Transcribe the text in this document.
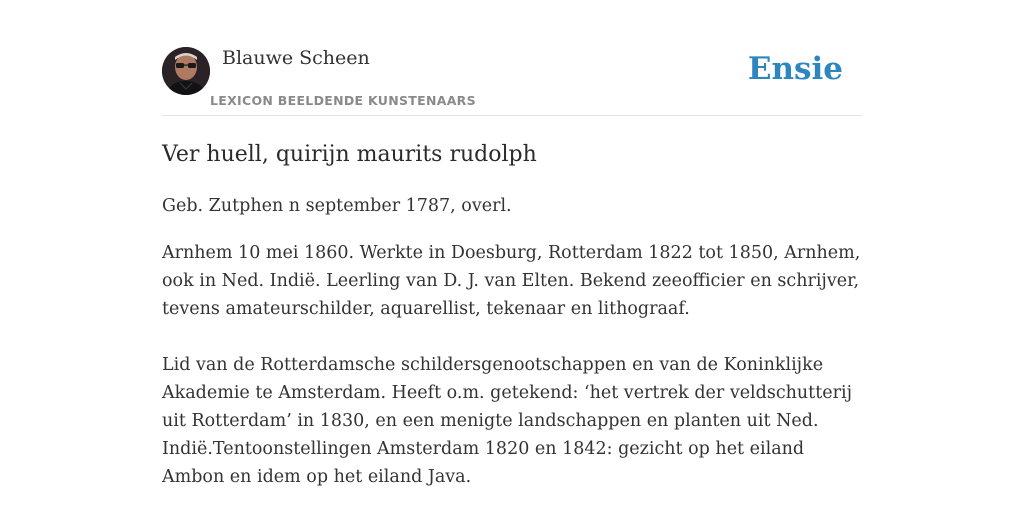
Blauwe Scheen
LEXICON BEELDENDE KUNSTENAARS
Ensie
Ver huell, quirijn maurits rudolph

Geb. Zutphen n september 1787, overl.

Arnhem 10 mei 1860. Werkte in Doesburg, Rotterdam 1822 tot 1850, Arnhem, ook in Ned. Indië. Leerling van D. J. van Elten. Bekend zeeofficier en schrijver, tevens amateurschilder, aquarellist, tekenaar en lithograaf.

Lid van de Rotterdamsche schildersgenootschappen en van de Koninklijke Akademie te Amsterdam. Heeft o.m. getekend: ‘het vertrek der veldschutterij uit Rotterdam’ in 1830, en een menigte landschappen en planten uit Ned. Indië.Tentoonstellingen Amsterdam 1820 en 1842: gezicht op het eiland Ambon en idem op het eiland Java.
